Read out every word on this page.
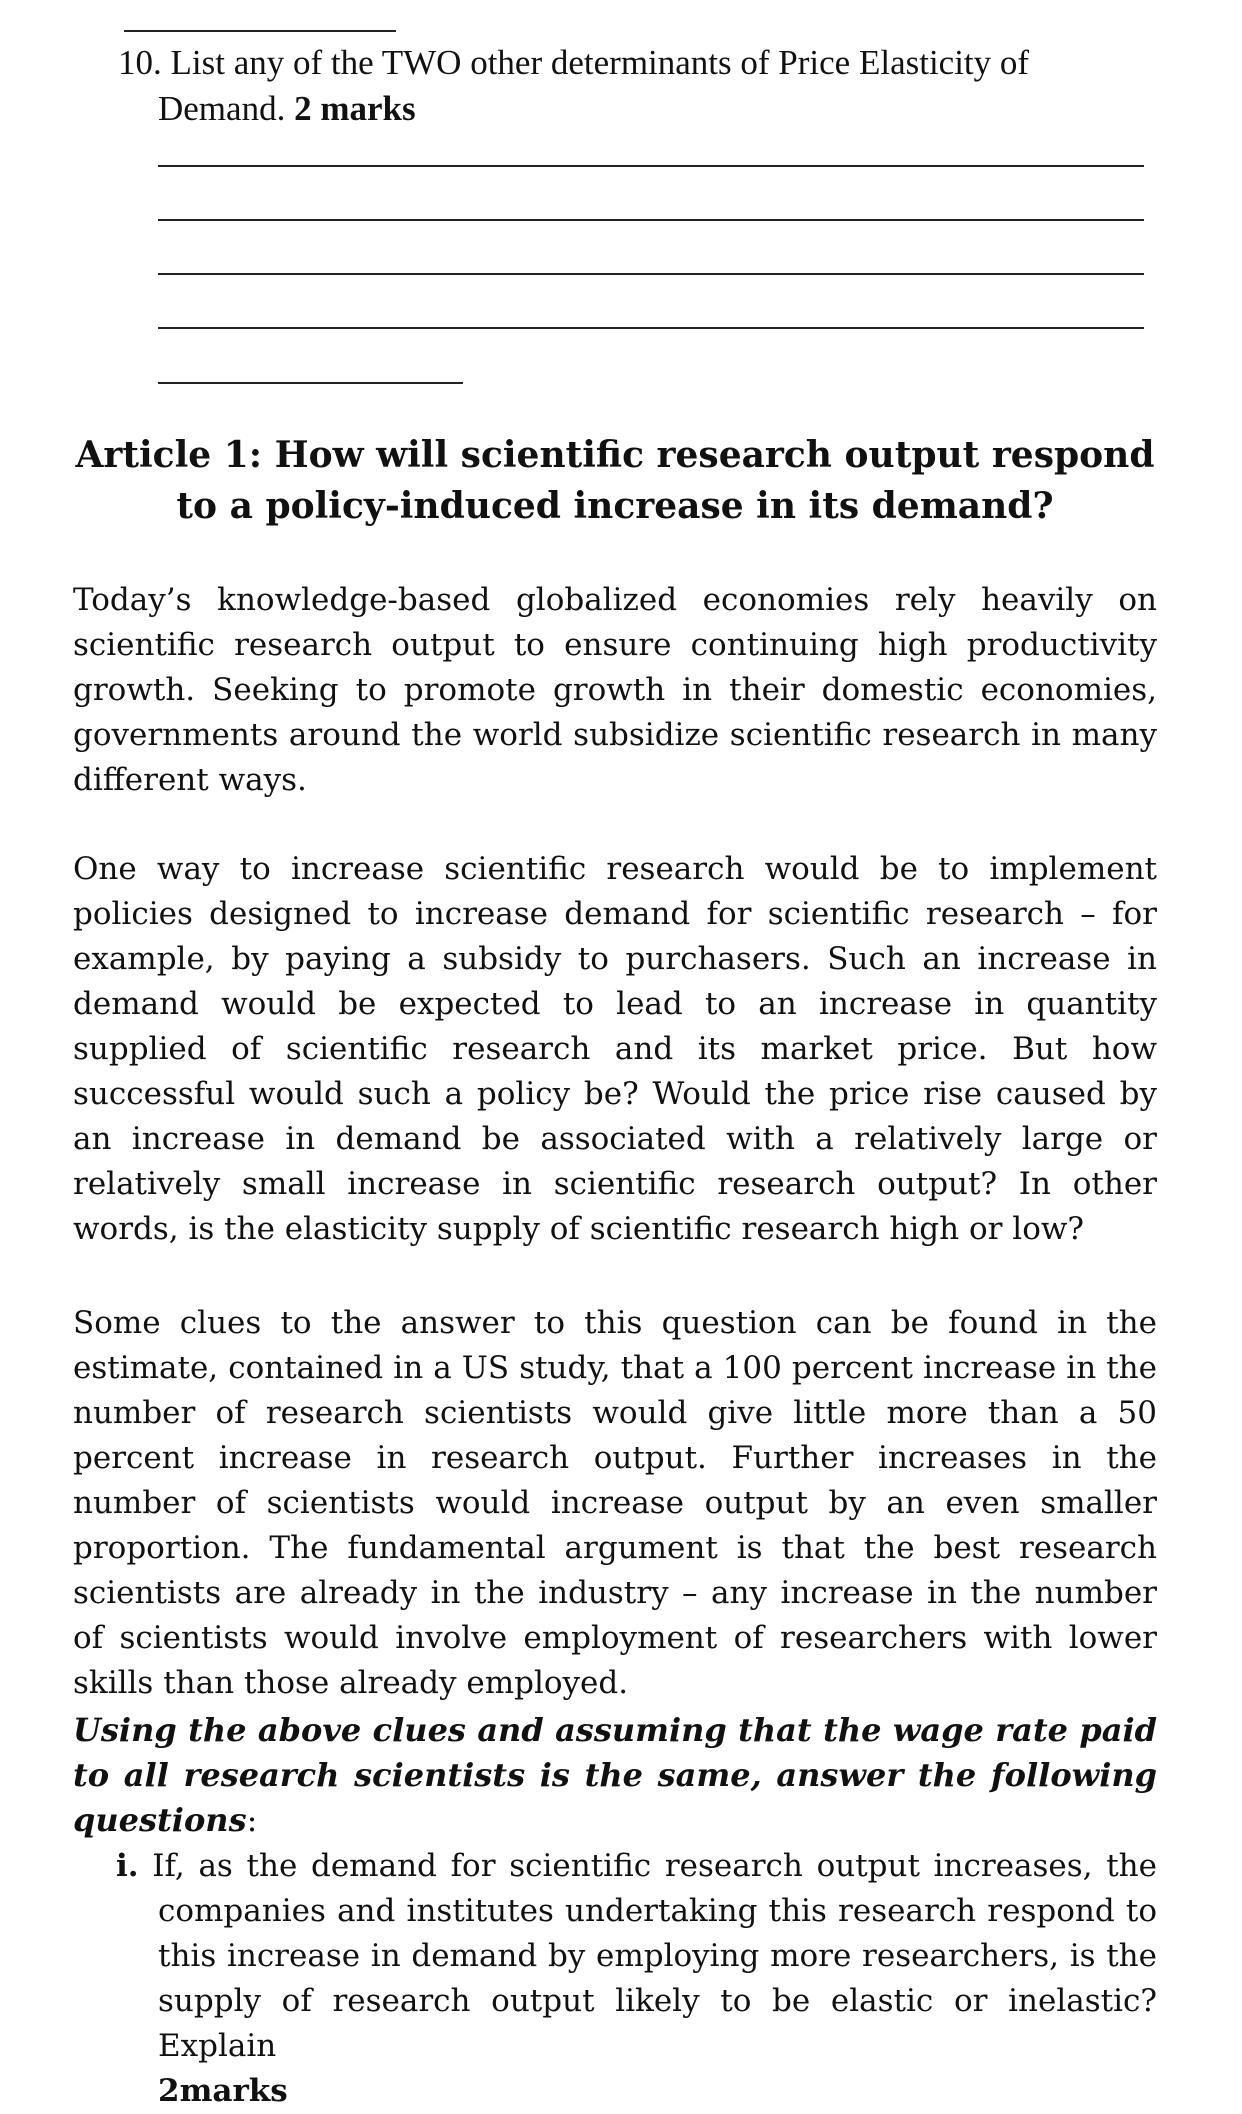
10. List any of the TWO other determinants of Price Elasticity of
Demand. 2 marks
Article 1: How will scientific research output respond to a policy-induced increase in its demand?
Today’s knowledge-based globalized economies rely heavily on scientific research output to ensure continuing high productivity growth. Seeking to promote growth in their domestic economies, governments around the world subsidize scientific research in many different ways.
One way to increase scientific research would be to implement policies designed to increase demand for scientific research – for example, by paying a subsidy to purchasers. Such an increase in demand would be expected to lead to an increase in quantity supplied of scientific research and its market price. But how successful would such a policy be? Would the price rise caused by an increase in demand be associated with a relatively large or relatively small increase in scientific research output? In other words, is the elasticity supply of scientific research high or low?
Some clues to the answer to this question can be found in the estimate, contained in a US study, that a 100 percent increase in the number of research scientists would give little more than a 50 percent increase in research output. Further increases in the number of scientists would increase output by an even smaller proportion. The fundamental argument is that the best research scientists are already in the industry – any increase in the number of scientists would involve employment of researchers with lower skills than those already employed.
Using the above clues and assuming that the wage rate paid to all research scientists is the same, answer the following questions:
i. If, as the demand for scientific research output increases, the companies and institutes undertaking this research respond to this increase in demand by employing more researchers, is the supply of research output likely to be elastic or inelastic? Explain
2marks
